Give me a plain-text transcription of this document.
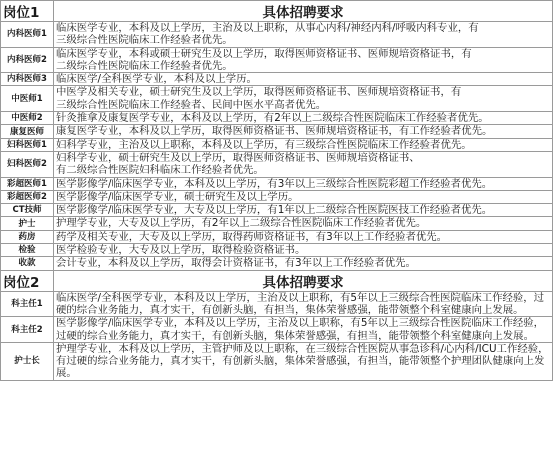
岗位1	具体招聘要求
内科医师1	临床医学专业，本科及以上学历，主治及以上职称，从事心内科/神经内科/呼吸内科专业，有
三级综合性医院临床工作经验者优先。

内科医师2	临床医学专业，本科或硕士研究生及以上学历，取得医师资格证书、医师规培资格证书，有
二级综合性医院临床工作经验者优先。

内科医师3	临床医学/全科医学专业，本科及以上学历。

中医师1	中医学及相关专业，硕士研究生及以上学历，取得医师资格证书、医师规培资格证书，有
三级综合性医院临床工作经验者、民间中医水平高者优先。

中医师2	针灸推拿及康复医学专业，本科及以上学历，有2年以上二级综合性医院临床工作经验者优先。

康复医师	康复医学专业，本科及以上学历，取得医师资格证书、医师规培资格证书，有工作经验者优先。

妇科医师1	妇科学专业，主治及以上职称，本科及以上学历，有三级综合性医院临床工作经验者优先。

妇科医师2	妇科学专业，硕士研究生及以上学历，取得医师资格证书、医师规培资格证书、
有二级综合性医院妇科临床工作经验者优先。

彩超医师1	医学影像学/临床医学专业，本科及以上学历，有3年以上三级综合性医院彩超工作经验者优先。

彩超医师2	医学影像学/临床医学专业，硕士研究生及以上学历。

CT技师	医学影像学/临床医学专业，大专及以上学历，有1年以上二级综合性医院医技工作经验者优先。

护士	护理学专业，大专及以上学历，有2年以上二级综合性医院临床工作经验者优先。

药房	药学及相关专业，大专及以上学历，取得药师资格证书，有3年以上工作经验者优先。

检验	医学检验专业，大专及以上学历，取得检验资格证书。

收款	会计专业，本科及以上学历，取得会计资格证书，有3年以上工作经验者优先。
岗位2	具体招聘要求
科主任1	临床医学/全科医学专业，本科及以上学历，主治及以上职称，有5年以上三级综合性医院临床工作经验，过硬的综合业务能力，真才实干，有创新头脑，有担当，集体荣誉感强，能带领整个科室健康向上发展。

科主任2	医学影像学/临床医学专业，本科及以上学历，主治及以上职称，有5年以上三级综合性医院临床工作经验，过硬的综合业务能力，真才实干，有创新头脑，集体荣誉感强，有担当，能带领整个科室健康向上发展。

护士长	护理学专业，本科及以上学历，主管护师及以上职称，在三级综合性医院从事急诊科/心内科/ICU工作经验，有过硬的综合业务能力，真才实干，有创新头脑，集体荣誉感强，有担当，能带领整个护理团队健康向上发展。
